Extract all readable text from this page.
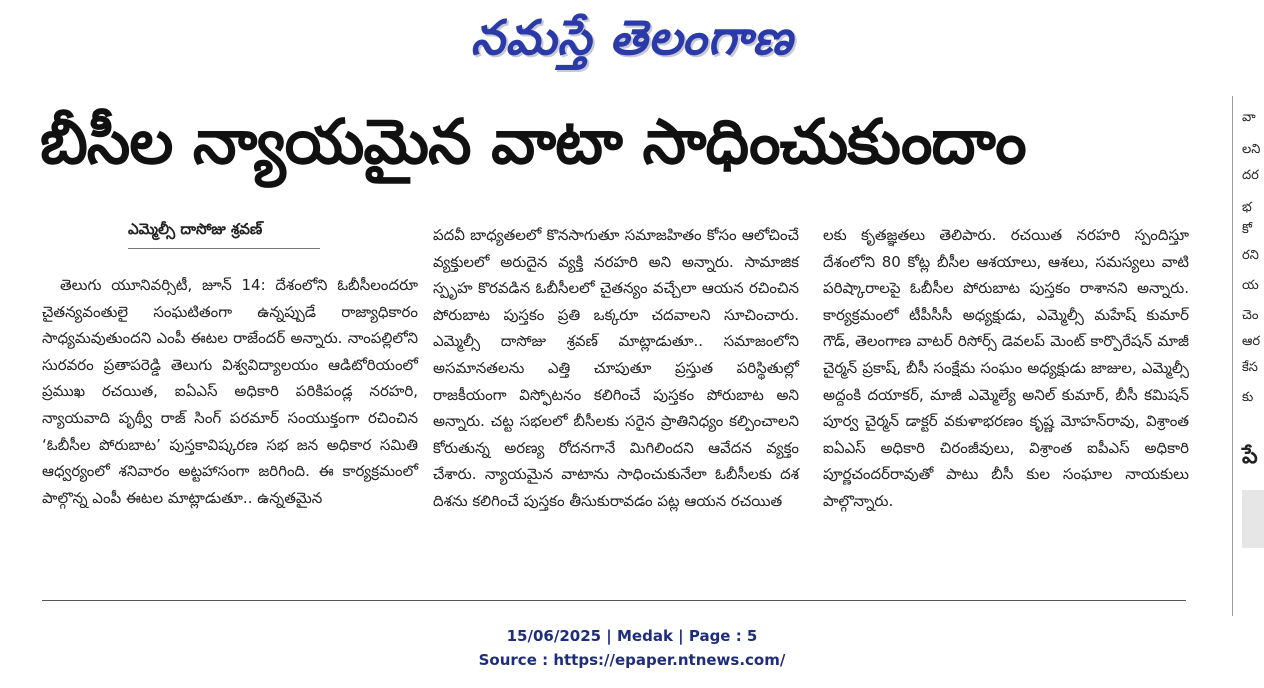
నమస్తే తెలంగాణ
బీసీల న్యాయమైన వాటా సాధించుకుందాం
ఎమ్మెల్సీ దాసోజు శ్రవణ్

తెలుగు యూనివర్సిటీ, జూన్ 14: దేశంలోని ఓబీసీలందరూ చైతన్యవంతులై సంఘటితంగా ఉన్నప్పుడే రాజ్యాధికారం సాధ్యమవుతుందని ఎంపీ ఈటల రాజేందర్ అన్నారు. నాంపల్లిలోని సురవరం ప్రతాపరెడ్డి తెలుగు విశ్వవిద్యాలయం ఆడిటోరియంలో ప్రముఖ రచయిత, ఐఏఎస్ అధికారి పరికిపండ్ల నరహరి, న్యాయవాది పృథ్వీ రాజ్ సింగ్ పరమార్ సంయుక్తంగా రచించిన ‘ఓబీసీల పోరుబాట’ పుస్తకావిష్కరణ సభ జన అధికార సమితి ఆధ్వర్యంలో శనివారం అట్టహాసంగా జరిగింది. ఈ కార్యక్రమంలో పాల్గొన్న ఎంపీ ఈటల మాట్లాడుతూ.. ఉన్నతమైన

పదవీ బాధ్యతలలో కొనసాగుతూ సమాజహితం కోసం ఆలోచించే వ్యక్తులలో అరుదైన వ్యక్తి నరహరి అని అన్నారు. సామాజిక స్పృహ కొరవడిన ఓబీసీలలో చైతన్యం వచ్చేలా ఆయన రచించిన పోరుబాట పుస్తకం ప్రతి ఒక్కరూ చదవాలని సూచించారు. ఎమ్మెల్సీ దాసోజు శ్రవణ్ మాట్లాడుతూ.. సమాజంలోని అసమానతలను ఎత్తి చూపుతూ ప్రస్తుత పరిస్థితుల్లో రాజకీయంగా విస్ఫోటనం కలిగించే పుస్తకం పోరుబాట అని అన్నారు. చట్ట సభలలో బీసీలకు సరైన ప్రాతినిధ్యం కల్పించాలని కోరుతున్న అరణ్య రోదనగానే మిగిలిందని ఆవేదన వ్యక్తం చేశారు. న్యాయమైన వాటాను సాధించుకునేలా ఓబీసీలకు దశ దిశను కలిగించే పుస్తకం తీసుకురావడం పట్ల ఆయన రచయిత

లకు కృతజ్ఞతలు తెలిపారు. రచయిత నరహరి స్పందిస్తూ దేశంలోని 80 కోట్ల బీసీల ఆశయాలు, ఆశలు, సమస్యలు వాటి పరిష్కారాలపై ఓబీసీల పోరుబాట పుస్తకం రాశానని అన్నారు. కార్యక్రమంలో టీపీసీసీ అధ్యక్షుడు, ఎమ్మెల్సీ మహేష్ కుమార్ గౌడ్, తెలంగాణ వాటర్ రిసోర్స్ డెవలప్ మెంట్ కార్పొరేషన్ మాజీ చైర్మన్ ప్రకాష్, బీసీ సంక్షేమ సంఘం అధ్యక్షుడు జాజుల, ఎమ్మెల్సీ అద్దంకి దయాకర్, మాజీ ఎమ్మెల్యే అనిల్ కుమార్, బీసీ కమిషన్ పూర్వ చైర్మన్ డాక్టర్ వకుళాభరణం కృష్ణ మోహన్‌రావు, విశ్రాంత ఐఏఎస్ అధికారి చిరంజీవులు, విశ్రాంత ఐపీఎస్ అధికారి పూర్ణచందర్‌రావుతో పాటు బీసీ కుల సంఘాల నాయకులు పాల్గొన్నారు.

వా
లని
దర
భ
కో
రని
య
చెం
ఆర
కేస
కు
పే
15/06/2025 | Medak | Page : 5
Source : https://epaper.ntnews.com/
